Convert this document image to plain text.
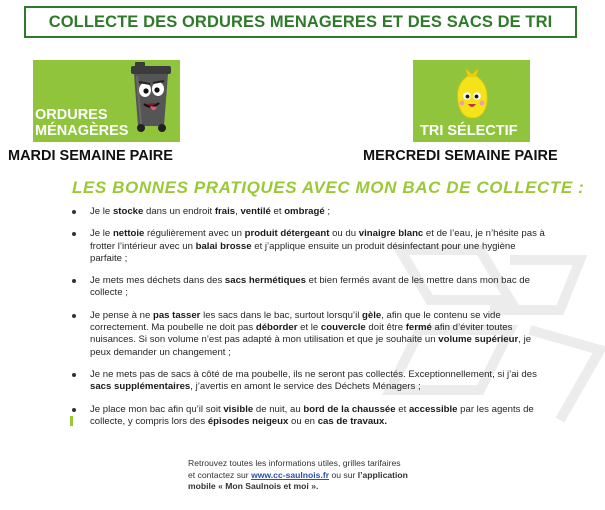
COLLECTE DES ORDURES MENAGERES ET DES SACS DE TRI
ORDURES
MÉNAGÈRES
MARDI SEMAINE PAIRE
TRI SÉLECTIF
MERCREDI SEMAINE PAIRE
LES BONNES PRATIQUES AVEC MON BAC DE COLLECTE :
Je le stocke dans un endroit frais, ventilé et ombragé ;
Je le nettoie régulièrement avec un produit détergeant ou du vinaigre blanc et de l’eau, je n’hésite pas à frotter l’intérieur avec un balai brosse et j’applique ensuite un produit désinfectant pour une hygiène parfaite ;
Je mets mes déchets dans des sacs hermétiques et bien fermés avant de les mettre dans mon bac de collecte ;
Je pense à ne pas tasser les sacs dans le bac, surtout lorsqu’il gèle, afin que le contenu se vide correctement. Ma poubelle ne doit pas déborder et le couvercle doit être fermé afin d’éviter toutes nuisances. Si son volume n’est pas adapté à mon utilisation et que je souhaite un volume supérieur, je peux demander un changement ;
Je ne mets pas de sacs à côté de ma poubelle, ils ne seront pas collectés. Exceptionnellement, si j’ai des sacs supplémentaires, j’avertis en amont le service des Déchets Ménagers ;
Je place mon bac afin qu’il soit visible de nuit, au bord de la chaussée et accessible par les agents de collecte, y compris lors des épisodes neigeux ou en cas de travaux.
Retrouvez toutes les informations utiles, grilles tarifaires
et contactez sur www.cc-saulnois.fr ou sur l’application
mobile « Mon Saulnois et moi ».
